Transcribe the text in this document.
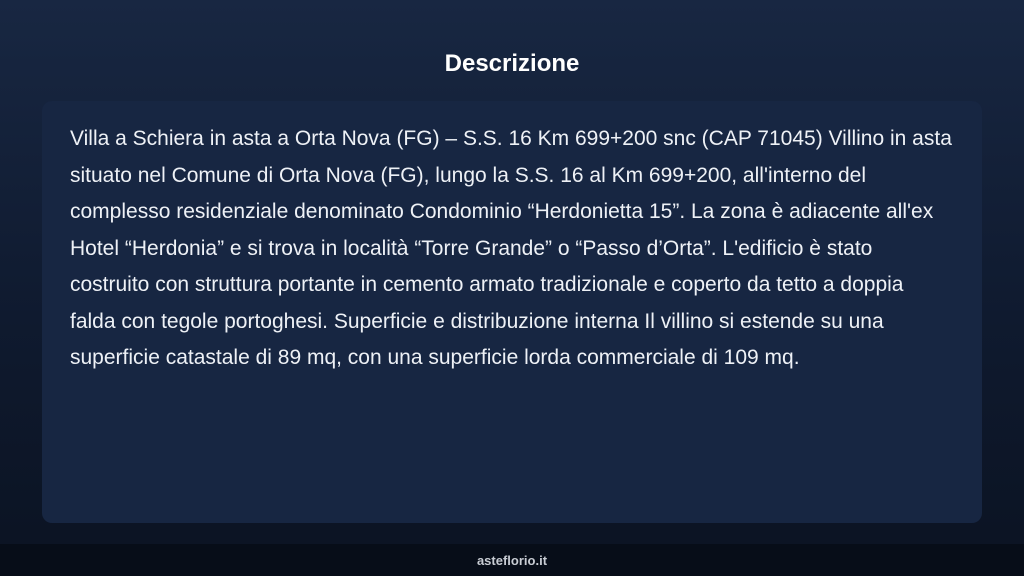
Descrizione

Villa a Schiera in asta a Orta Nova (FG) – S.S. 16 Km 699+200 snc (CAP 71045) Villino in asta situato nel Comune di Orta Nova (FG), lungo la S.S. 16 al Km 699+200, all'interno del complesso residenziale denominato Condominio “Herdonietta 15”. La zona è adiacente all'ex Hotel “Herdonia” e si trova in località “Torre Grande” o “Passo d’Orta”. L'edificio è stato costruito con struttura portante in cemento armato tradizionale e coperto da tetto a doppia falda con tegole portoghesi. Superficie e distribuzione interna Il villino si estende su una superficie catastale di 89 mq, con una superficie lorda commerciale di 109 mq.

asteflorio.it
